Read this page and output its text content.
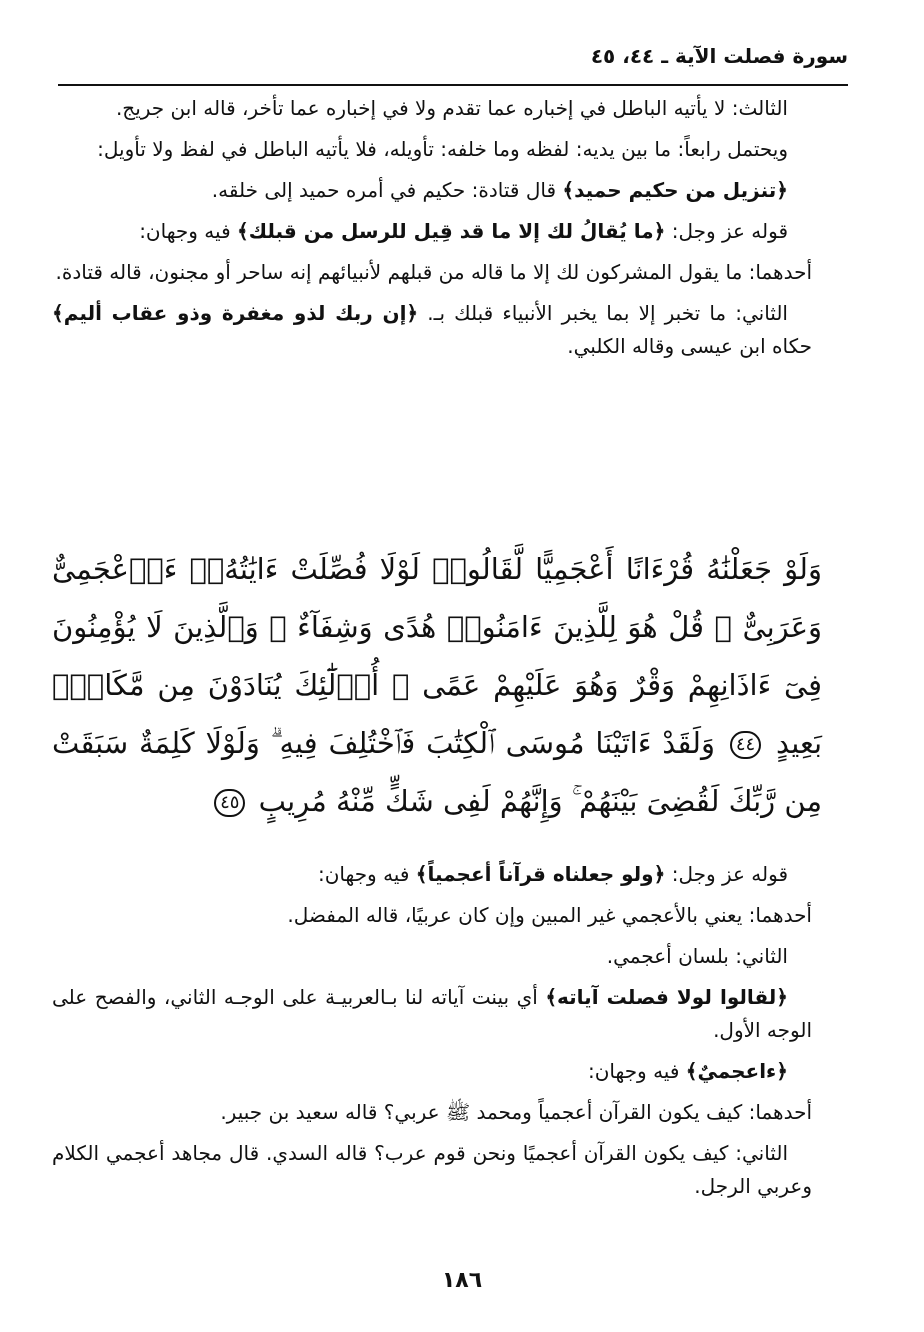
سورة فصلت الآية ـ ٤٤، ٤٥

الثالث: لا يأتيه الباطل في إخباره عما تقدم ولا في إخباره عما تأخر، قاله ابن جريج.

ويحتمل رابعاً: ما بين يديه: لفظه وما خلفه: تأويله، فلا يأتيه الباطل في لفظ ولا تأويل:

﴿تنزيل من حكيم حميد﴾ قال قتادة: حكيم في أمره حميد إلى خلقه.

قوله عز وجل: ﴿ما يُقالُ لك إلا ما قد قِيل للرسل من قبلك﴾ فيه وجهان:

أحدهما: ما يقول المشركون لك إلا ما قاله من قبلهم لأنبيائهم إنه ساحر أو مجنون، قاله قتادة.

الثاني: ما تخبر إلا بما يخبر الأنبياء قبلك بـ. ﴿إن ربك لذو مغفرة وذو عقاب أليم﴾ حكاه ابن عيسى وقاله الكلبي.

وَلَوْ جَعَلْنَٰهُ قُرْءَانًا أَعْجَمِيًّا لَّقَالُوا۟ لَوْلَا فُصِّلَتْ ءَايَٰتُهُۥٓ ءَا۬عْجَمِىٌّ وَعَرَبِىٌّ ۗ قُلْ هُوَ لِلَّذِينَ ءَامَنُوا۟ هُدًى وَشِفَآءٌ ۖ وَٱلَّذِينَ لَا يُؤْمِنُونَ فِىٓ ءَاذَانِهِمْ وَقْرٌ وَهُوَ عَلَيْهِمْ عَمًى ۚ أُو۟لَٰٓئِكَ يُنَادَوْنَ مِن مَّكَانٍۭ بَعِيدٍ ٤٤ وَلَقَدْ ءَاتَيْنَا مُوسَى ٱلْكِتَٰبَ فَٱخْتُلِفَ فِيهِ ۗ وَلَوْلَا كَلِمَةٌ سَبَقَتْ مِن رَّبِّكَ لَقُضِىَ بَيْنَهُمْ ۚ وَإِنَّهُمْ لَفِى شَكٍّ مِّنْهُ مُرِيبٍ ٤٥

قوله عز وجل: ﴿ولو جعلناه قرآناً أعجمياً﴾ فيه وجهان:

أحدهما: يعني بالأعجمي غير المبين وإن كان عربيًا، قاله المفضل.

الثاني: بلسان أعجمي.

﴿لقالوا لولا فصلت آياته﴾ أي بينت آياته لنا بـالعربيـة على الوجـه الثاني، والفصح على الوجه الأول.

﴿ءاعجميٌ﴾ فيه وجهان:

أحدهما: كيف يكون القرآن أعجمياً ومحمد ﷺ عربي؟ قاله سعيد بن جبير.

الثاني: كيف يكون القرآن أعجميًا ونحن قوم عرب؟ قاله السدي. قال مجاهد أعجمي الكلام وعربي الرجل.

١٨٦
